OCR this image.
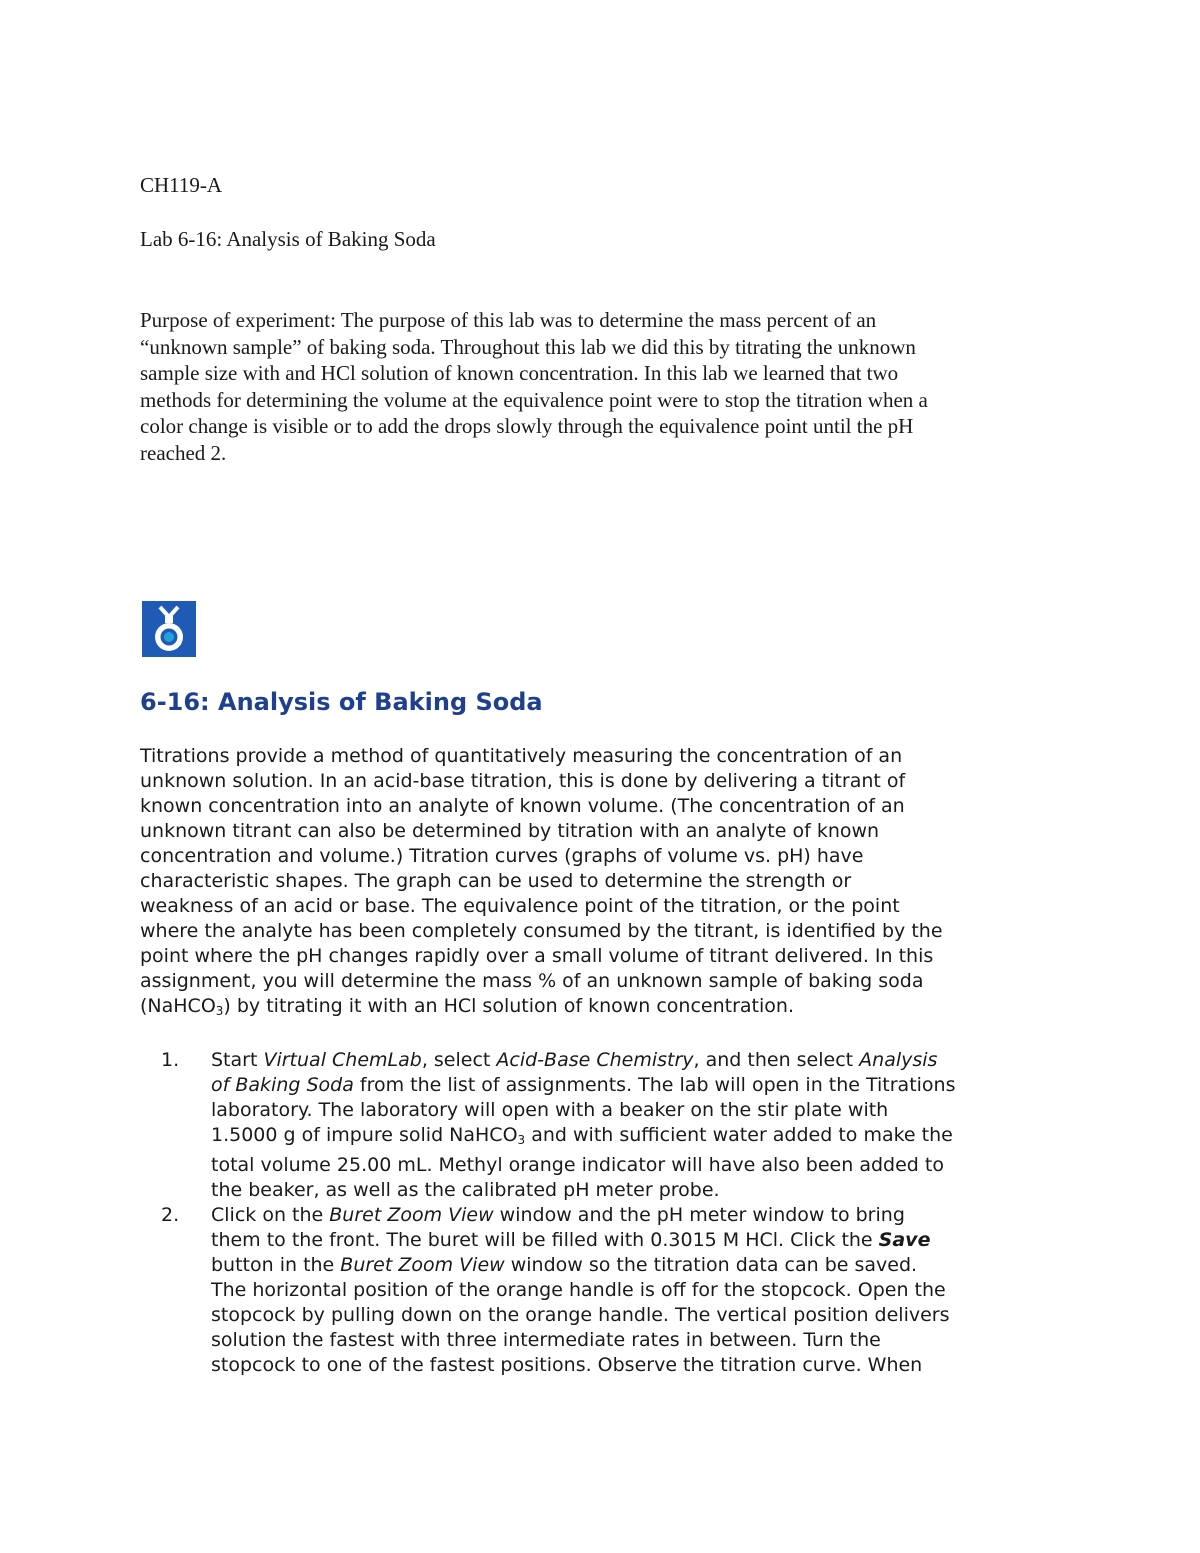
CH119-A

Lab 6-16: Analysis of Baking Soda

Purpose of experiment: The purpose of this lab was to determine the mass percent of an
“unknown sample” of baking soda. Throughout this lab we did this by titrating the unknown
sample size with and HCl solution of known concentration. In this lab we learned that two
methods for determining the volume at the equivalence point were to stop the titration when a
color change is visible or to add the drops slowly through the equivalence point until the pH
reached 2.

6-16: Analysis of Baking Soda

Titrations provide a method of quantitatively measuring the concentration of an
unknown solution. In an acid-base titration, this is done by delivering a titrant of
known concentration into an analyte of known volume. (The concentration of an
unknown titrant can also be determined by titration with an analyte of known
concentration and volume.) Titration curves (graphs of volume vs. pH) have
characteristic shapes. The graph can be used to determine the strength or
weakness of an acid or base. The equivalence point of the titration, or the point
where the analyte has been completely consumed by the titrant, is identified by the
point where the pH changes rapidly over a small volume of titrant delivered. In this
assignment, you will determine the mass % of an unknown sample of baking soda
(NaHCO$_3$) by titrating it with an HCl solution of known concentration.

1. Start Virtual ChemLab, select Acid-Base Chemistry, and then select Analysis
of Baking Soda from the list of assignments. The lab will open in the Titrations
laboratory. The laboratory will open with a beaker on the stir plate with
1.5000 g of impure solid NaHCO$_3$ and with sufficient water added to make the
total volume 25.00 mL. Methyl orange indicator will have also been added to
the beaker, as well as the calibrated pH meter probe.
2. Click on the Buret Zoom View window and the pH meter window to bring
them to the front. The buret will be filled with 0.3015 M HCl. Click the Save
button in the Buret Zoom View window so the titration data can be saved.
The horizontal position of the orange handle is off for the stopcock. Open the
stopcock by pulling down on the orange handle. The vertical position delivers
solution the fastest with three intermediate rates in between. Turn the
stopcock to one of the fastest positions. Observe the titration curve. When
